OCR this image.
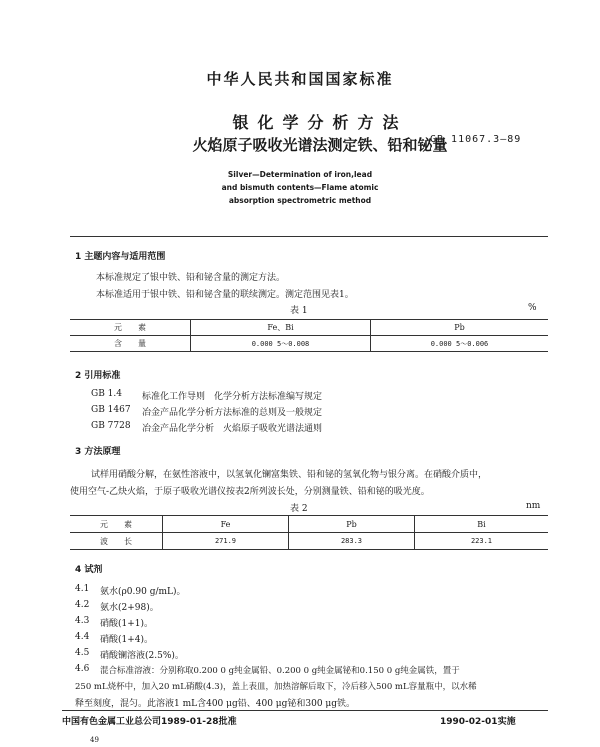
中华人民共和国国家标准
银化学分析方法
火焰原子吸收光谱法测定铁、铅和铋量
GB 11067.3—89
Silver—Determination of iron,lead
and bismuth contents—Flame atomic
absorption spectrometric method
1 主题内容与适用范围
本标准规定了银中铁、铅和铋含量的测定方法。
本标准适用于银中铁、铅和铋含量的联续测定。测定范围见表1。
表 1	%
元　　素	Fe、Bi	Pb
含　　量	0.000 5～0.008	0.000 5～0.006
2 引用标准
GB 1.4 标准化工作导则　化学分析方法标准编写规定
GB 1467 冶金产品化学分析方法标准的总则及一般规定
GB 7728 冶金产品化学分析　火焰原子吸收光谱法通则
3 方法原理
试样用硝酸分解，在氨性溶液中，以氢氧化镧富集铁、铅和铋的氢氧化物与银分离。在硝酸介质中，
使用空气-乙炔火焰，于原子吸收光谱仪按表2所列波长处，分别测量铁、铅和铋的吸光度。
表 2	nm
元　　素	Fe	Pb	Bi
波　　长	271.9	283.3	223.1
4 试剂
4.1 氨水(ρ0.90 g/mL)。
4.2 氨水(2+98)。
4.3 硝酸(1+1)。
4.4 硝酸(1+4)。
4.5 硝酸镧溶液(2.5%)。
4.6 混合标准溶液：分别称取0.200 0 g纯金属铅、0.200 0 g纯金属铋和0.150 0 g纯金属铁，置于
250 mL烧杯中，加入20 mL硝酸(4.3)，盖上表皿，加热溶解后取下，冷后移入500 mL容量瓶中，以水稀
释至刻度，混匀。此溶液1 mL含400 μg铅、400 μg铋和300 μg铁。
中国有色金属工业总公司1989-01-28批准	1990-02-01实施
49
